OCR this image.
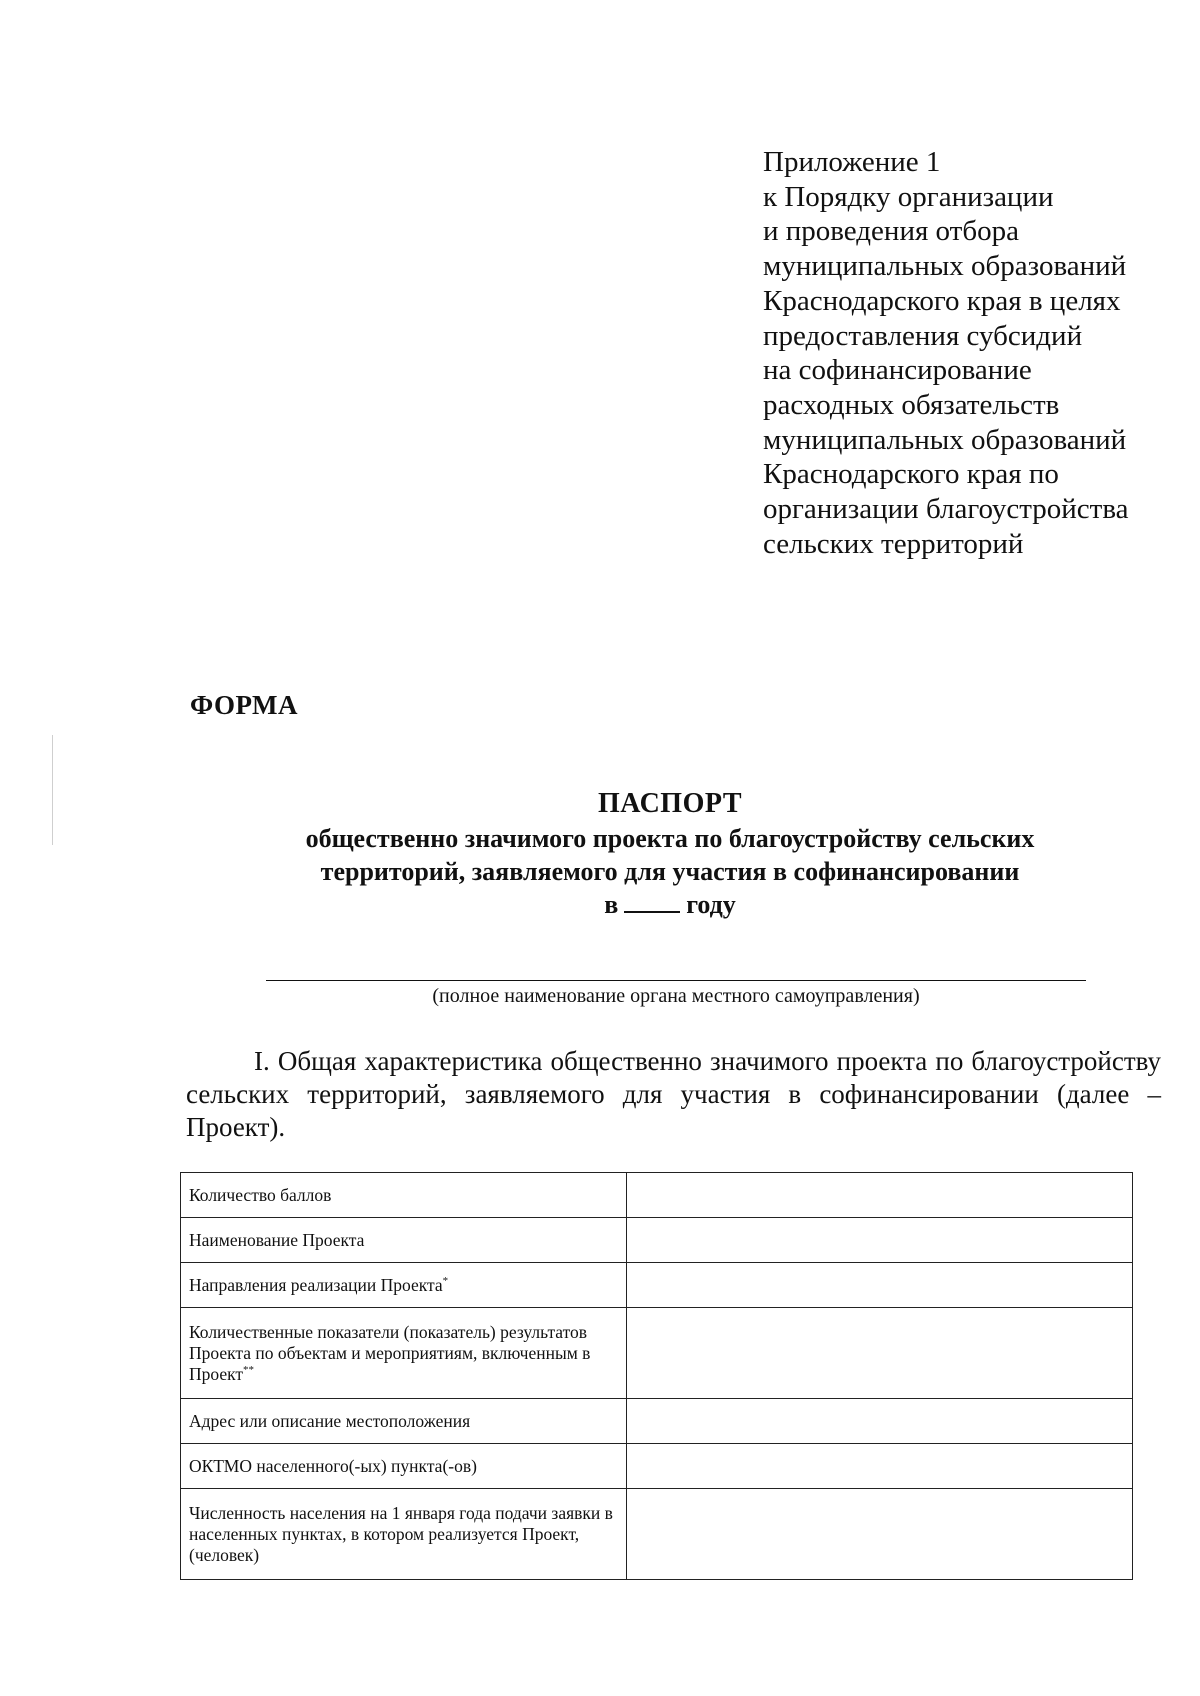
Приложение 1
к Порядку организации
и проведения отбора
муниципальных образований
Краснодарского края в целях
предоставления субсидий
на софинансирование
расходных обязательств
муниципальных образований
Краснодарского края по
организации благоустройства
сельских территорий
ФОРМА
ПАСПОРТ
общественно значимого проекта по благоустройству сельских
территорий, заявляемого для участия в софинансировании
в	году
(полное наименование органа местного самоуправления)
I. Общая характеристика общественно значимого проекта по благоустройству сельских территорий, заявляемого для участия в софинансировании (далее – Проект).
Количество баллов	
Наименование Проекта	
Направления реализации Проекта*	
Количественные показатели (показатель) результатов Проекта по объектам и мероприятиям, включенным в Проект**	
Адрес или описание местоположения	
ОКТМО населенного(-ых) пункта(-ов)	
Численность населения на 1 января года подачи заявки в населенных пунктах, в котором реализуется Проект, (человек)	
